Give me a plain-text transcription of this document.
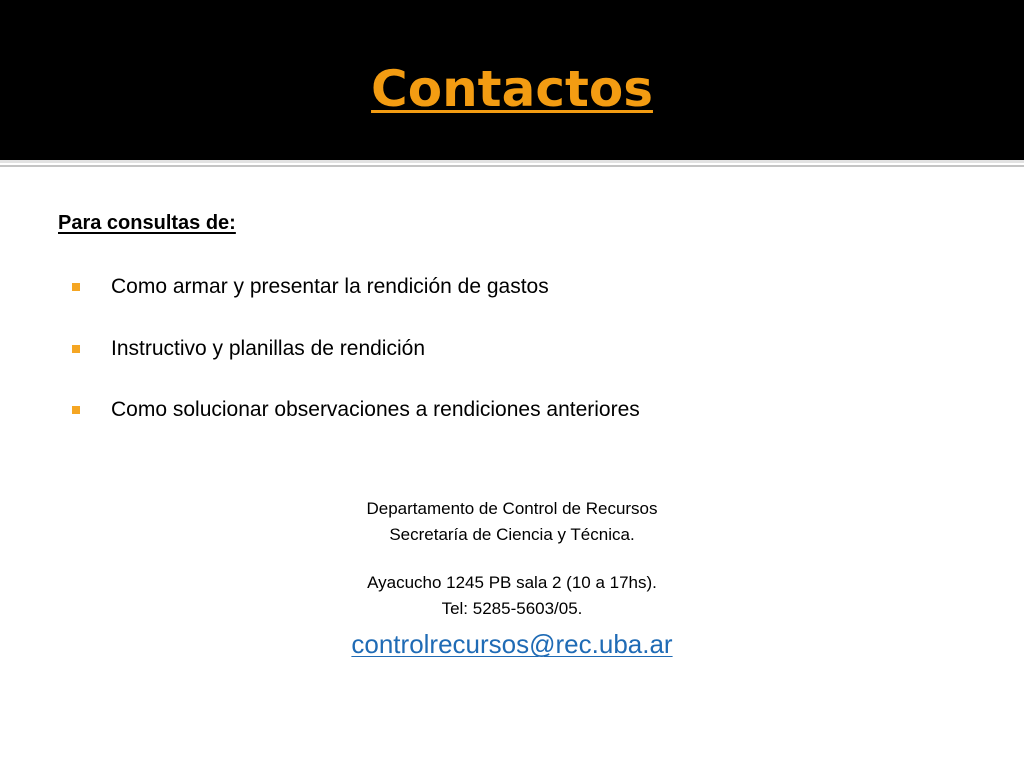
Contactos
Para consultas de:
Como armar y presentar la rendición de gastos
Instructivo y planillas de rendición
Como solucionar observaciones a rendiciones anteriores
Departamento de Control de Recursos
Secretaría de Ciencia y Técnica.
Ayacucho 1245 PB sala 2 (10 a 17hs).
Tel: 5285-5603/05.
controlrecursos@rec.uba.ar
